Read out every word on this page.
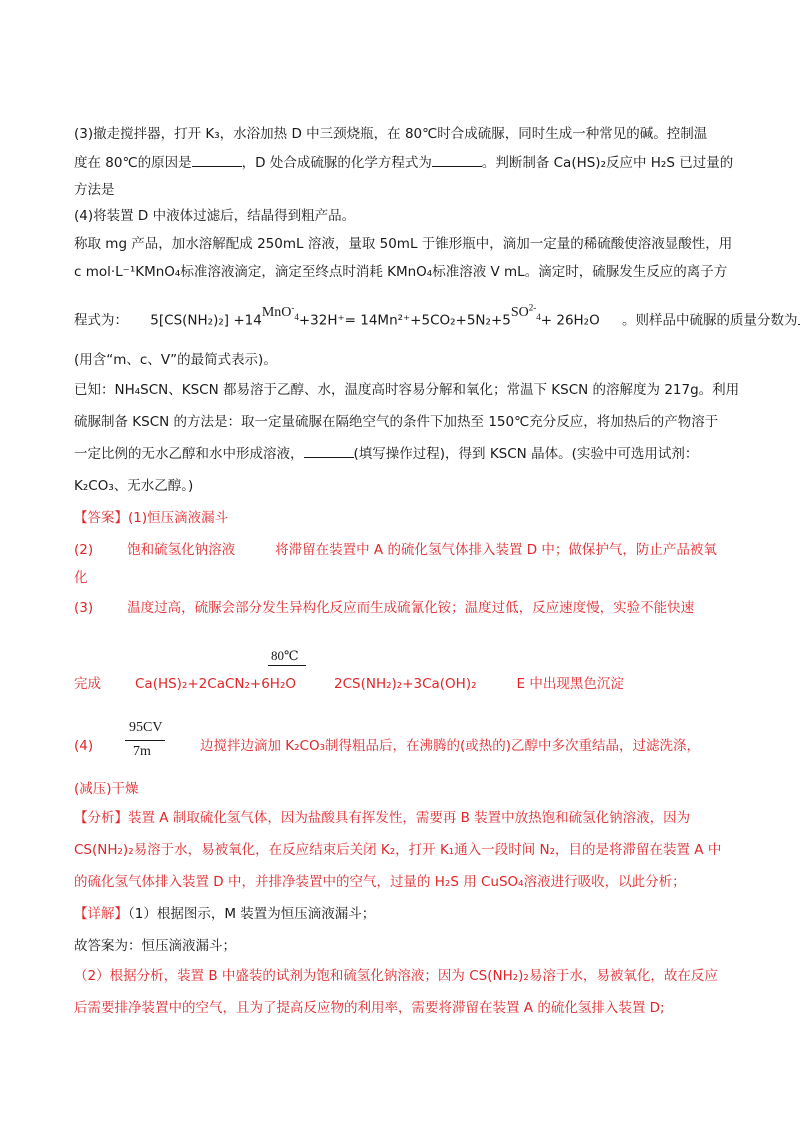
(3)撤走搅拌器，打开 K₃，水浴加热 D 中三颈烧瓶，在 80℃时合成硫脲，同时生成一种常见的碱。控制温
度在 80℃的原因是	，D 处合成硫脲的化学方程式为	。判断制备 Ca(HS)₂反应中 H₂S 已过量的
方法是
(4)将装置 D 中液体过滤后，结晶得到粗产品。
称取 mg 产品，加水溶解配成 250mL 溶液，量取 50mL 于锥形瓶中，滴加一定量的稀硫酸使溶液显酸性，用
c mol·L⁻¹KMnO₄标准溶液滴定，滴定至终点时消耗 KMnO₄标准溶液 V mL。滴定时，硫脲发生反应的离子方
程式为： $5[CS(NH_2)_2] +14MnO^-_4+32H^+= 14Mn^{2+}+5CO_2+5N_2+5SO^{2-}_4+ 26H_2O$ 。则样品中硫脲的质量分数为
(用含“m、c、V”的最简式表示)。
已知：NH₄SCN、KSCN 都易溶于乙醇、水，温度高时容易分解和氧化；常温下 KSCN 的溶解度为 217g。利用
硫脲制备 KSCN 的方法是：取一定量硫脲在隔绝空气的条件下加热至 150℃充分反应，将加热后的产物溶于
一定比例的无水乙醇和水中形成溶液，	(填写操作过程)，得到 KSCN 晶体。(实验中可选用试剂：
K₂CO₃、无水乙醇。)
【答案】(1)恒压滴液漏斗
(2)	饱和硫氢化钠溶液	将滞留在装置中 A 的硫化氢气体排入装置 D 中；做保护气，防止产品被氧
化
(3)	温度过高，硫脲会部分发生异构化反应而生成硫氰化铵；温度过低，反应速度慢，实验不能快速
80℃
完成	Ca(HS)₂+2CaCN₂+6H₂O	2CS(NH₂)₂+3Ca(OH)₂	E 中出现黑色沉淀
(4)
95CV
7m	边搅拌边滴加 K₂CO₃制得粗品后，在沸腾的(或热的)乙醇中多次重结晶，过滤洗涤，
(减压)干燥
【分析】装置 A 制取硫化氢气体，因为盐酸具有挥发性，需要再 B 装置中放热饱和硫氢化钠溶液，因为
CS(NH₂)₂易溶于水，易被氧化，在反应结束后关闭 K₂，打开 K₁通入一段时间 N₂，目的是将滞留在装置 A 中
的硫化氢气体排入装置 D 中，并排净装置中的空气，过量的 H₂S 用 CuSO₄溶液进行吸收，以此分析；
【详解】（1）根据图示，M 装置为恒压滴液漏斗；
故答案为：恒压滴液漏斗；
（2）根据分析，装置 B 中盛装的试剂为饱和硫氢化钠溶液；因为 CS(NH₂)₂易溶于水，易被氧化，故在反应
后需要排净装置中的空气，且为了提高反应物的利用率，需要将滞留在装置 A 的硫化氢排入装置 D;
